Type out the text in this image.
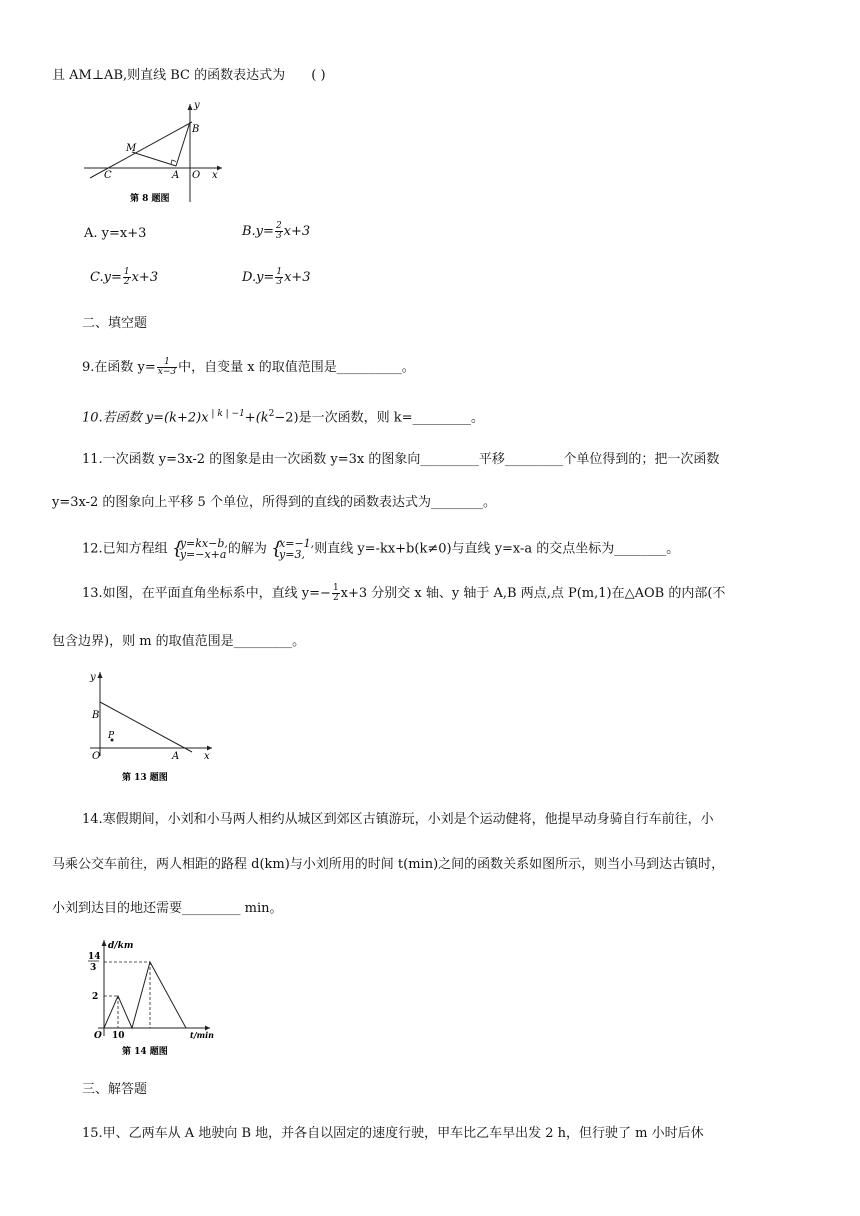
且 AM⊥AB,则直线 BC 的函数表达式为 ( )
y
B
M
C	A O x
第 8 题图
A. y=x+3	$B.y= \frac{2}{3} x+3$
$C.y= \frac{1}{2} x+3$	$D.y= \frac{1}{3} x+3$
二、填空题
9.在函数 $y= \frac{1}{x-3}$ 中，自变量 x 的取值范围是__________。
10.若函数 y=(k+2)x $^{| k | -1}+(k^2-2)$是一次函数，则 k=_________。
11.一次函数 y=3x-2 的图象是由一次函数 y=3x 的图象向_________平移_________个单位得到的；把一次函数
y=3x-2 的图象向上平移 5 个单位，所得到的直线的函数表达式为________。
12.已知方程组 { y=kx−b,
y=−x+a 的解为 { x=−1,
y=3, 则直线 y=-kx+b(k≠0)与直线 y=x-a 的交点坐标为________。
13.如图，在平面直角坐标系中，直线 $y=- \frac{1}{2} x+3$ 分别交 x 轴、y 轴于 A,B 两点,点 P(m,1)在△AOB 的内部(不
包含边界)，则 m 的取值范围是_________。
y
B
P
O	A x
第 13 题图
14.寒假期间，小刘和小马两人相约从城区到郊区古镇游玩，小刘是个运动健将，他提早动身骑自行车前往，小
马乘公交车前往，两人相距的路程 d(km)与小刘所用的时间 t(min)之间的函数关系如图所示，则当小马到达古镇时，
小刘到达目的地还需要_________ min。
d/km
14
3
2
O 10	t/min
第 14 题图
三、解答题
15.甲、乙两车从 A 地驶向 B 地，并各自以固定的速度行驶，甲车比乙车早出发 2 h，但行驶了 m 小时后休
